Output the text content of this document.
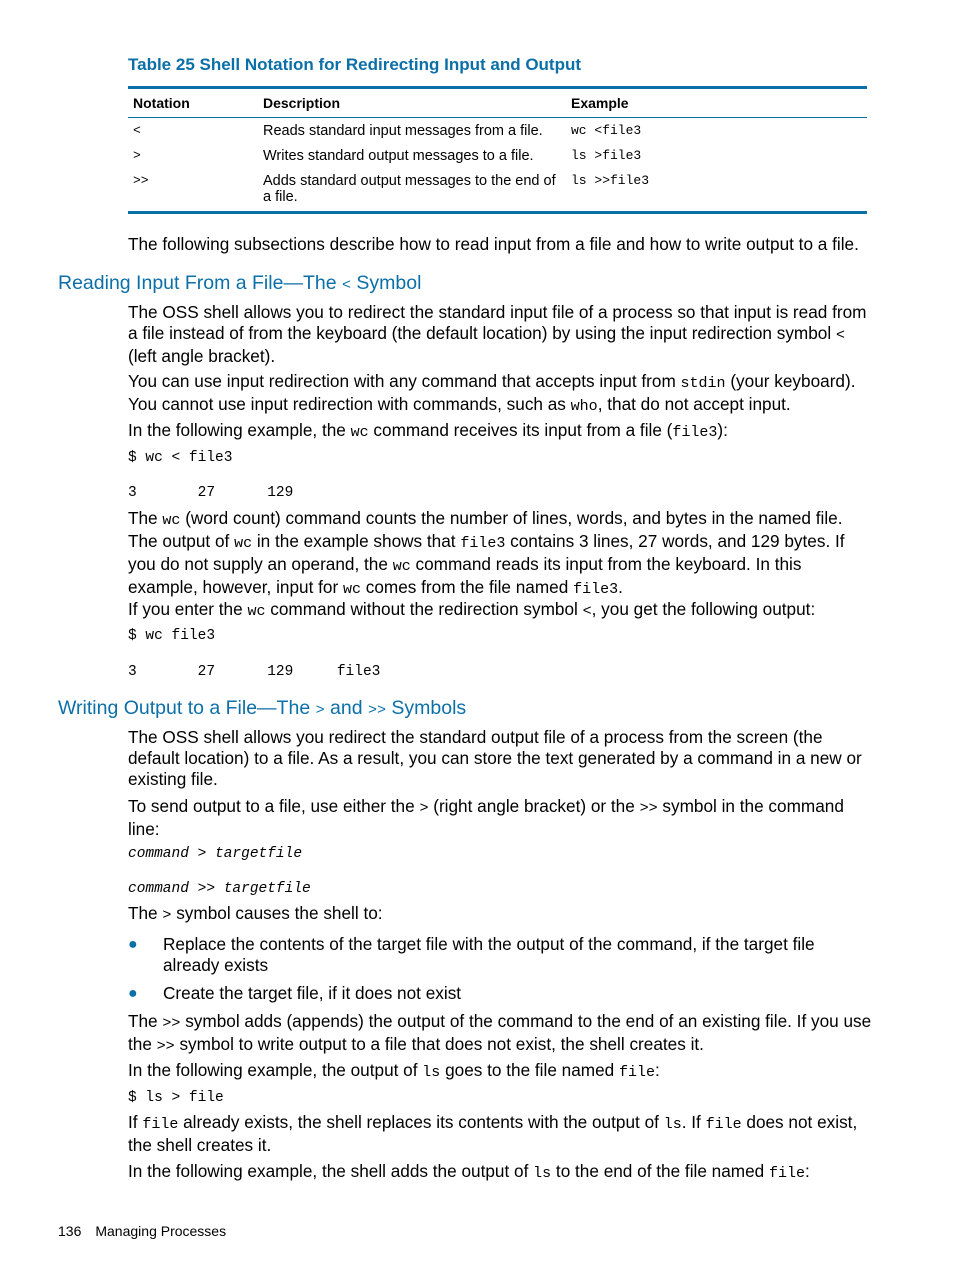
Table 25 Shell Notation for Redirecting Input and Output
Notation	Description	Example
<	Reads standard input messages from a file.	wc <file3
>	Writes standard output messages to a file.	ls >file3
>>	Adds standard output messages to the end of a file.	ls >>file3

The following subsections describe how to read input from a file and how to write output to a file.

Reading Input From a File—The < Symbol

The OSS shell allows you to redirect the standard input file of a process so that input is read from a file instead of from the keyboard (the default location) by using the input redirection symbol < (left angle bracket).

You can use input redirection with any command that accepts input from stdin (your keyboard). You cannot use input redirection with commands, such as who, that do not accept input.

In the following example, the wc command receives its input from a file (file3):

$ wc < file3
3       27      129

The wc (word count) command counts the number of lines, words, and bytes in the named file. The output of wc in the example shows that file3 contains 3 lines, 27 words, and 129 bytes. If you do not supply an operand, the wc command reads its input from the keyboard. In this example, however, input for wc comes from the file named file3.

If you enter the wc command without the redirection symbol <, you get the following output:

$ wc file3
3       27      129     file3
Writing Output to a File—The > and >> Symbols

The OSS shell allows you redirect the standard output file of a process from the screen (the default location) to a file. As a result, you can store the text generated by a command in a new or existing file.

To send output to a file, use either the > (right angle bracket) or the >> symbol in the command line:

command > targetfile
command >> targetfile

The > symbol causes the shell to:

● Replace the contents of the target file with the output of the command, if the target file already exists
● Create the target file, if it does not exist

The >> symbol adds (appends) the output of the command to the end of an existing file. If you use the >> symbol to write output to a file that does not exist, the shell creates it.

In the following example, the output of ls goes to the file named file:

$ ls > file

If file already exists, the shell replaces its contents with the output of ls. If file does not exist, the shell creates it.

In the following example, the shell adds the output of ls to the end of the file named file:

136 Managing Processes
